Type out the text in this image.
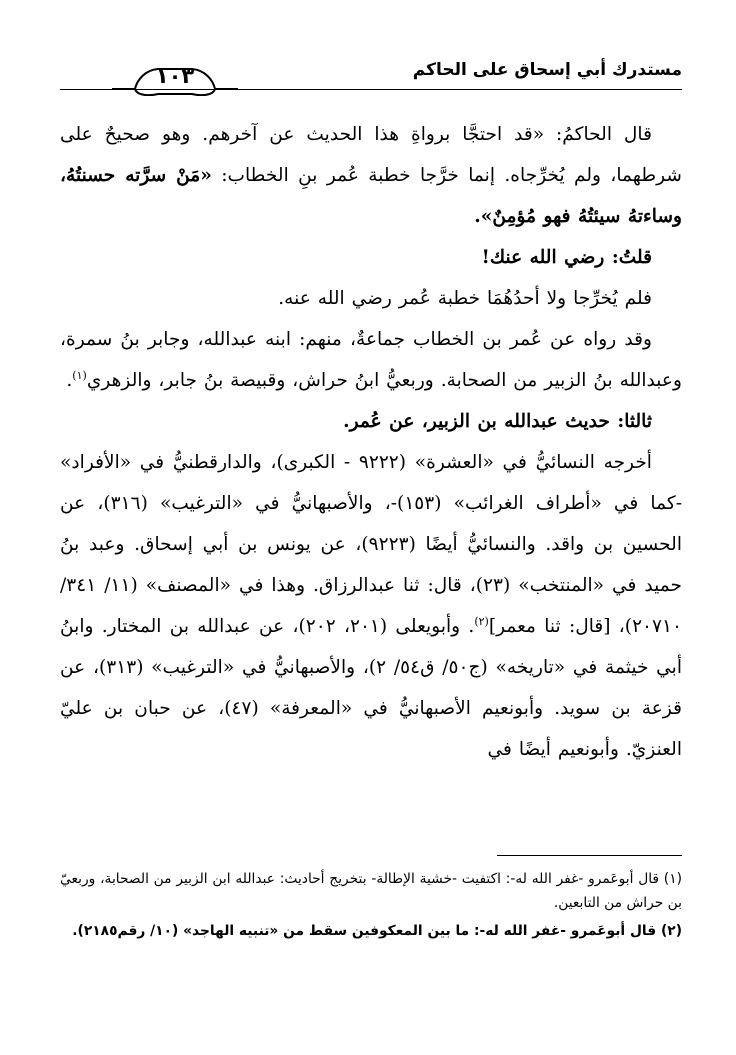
مستدرك أبي إسحاق على الحاكم
١٠٣

قال الحاكمُ: «قد احتجَّا برواةِ هذا الحديث عن آخرهم. وهو صحيحٌ على شرطهما، ولم يُخرِّجاه. إنما خرَّجا خطبة عُمر بنِ الخطاب: «مَنْ سرَّته حسنتُهُ، وساءتهُ سيئتُهُ فهو مُؤمِنٌ».

قلتُ: رضي الله عنك!

فلم يُخرِّجا ولا أحدُهُمَا خطبة عُمر رضي الله عنه.

وقد رواه عن عُمر بن الخطاب جماعةٌ، منهم: ابنه عبدالله، وجابر بنُ سمرة، وعبدالله بنُ الزبير من الصحابة. وربعيُّ ابنُ حراش، وقبيصة بنُ جابر، والزهري$^{(١)}$.

ثالثا: حديث عبدالله بن الزبير، عن عُمر.

أخرجه النسائيُّ في «العشرة» (٩٢٢٢ - الكبرى)، والدارقطنيُّ في «الأفراد» -كما في «أطراف الغرائب» (١٥٣)-، والأصبهانيُّ في «الترغيب» (٣١٦)، عن الحسين بن واقد. والنسائيُّ أيضًا (٩٢٢٣)، عن يونس بن أبي إسحاق. وعبد بنُ حميد في «المنتخب» (٢٣)، قال: ثنا عبدالرزاق. وهذا في «المصنف» (١١/ ٣٤١/ ٢٠٧١٠)، [قال: ثنا معمر]$^{(٢)}$. وأبويعلى (٢٠١، ٢٠٢)، عن عبدالله بن المختار. وابنُ أبي خيثمة في «تاريخه» (ج٥٠/ ق٥٤/ ٢)، والأصبهانيُّ في «الترغيب» (٣١٣)، عن قزعة بن سويد. وأبونعيم الأصبهانيُّ في «المعرفة» (٤٧)، عن حبان بن عليّ العنزيّ. وأبونعيم أيضًا في

(١) قال أبوعَمرو -غفر الله له-: اكتفيت -خشية الإطالة- بتخريج أحاديث: عبدالله ابن الزبير من الصحابة، وربعيّ بن حراش من التابعين.

(٢) قال أبوعَمرو -غفر الله له-: ما بين المعكوفين سقط من «تنبيه الهاجد» (١٠/ رقم٢١٨٥).
